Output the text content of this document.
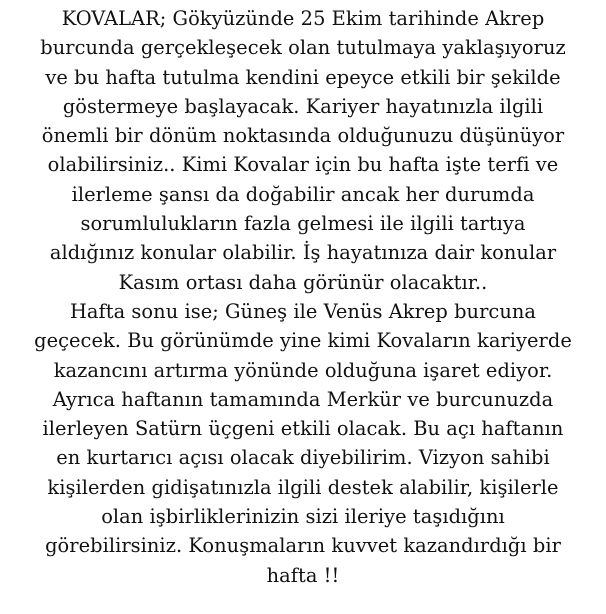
KOVALAR; Gökyüzünde 25 Ekim tarihinde Akrep
burcunda gerçekleşecek olan tutulmaya yaklaşıyoruz
ve bu hafta tutulma kendini epeyce etkili bir şekilde
göstermeye başlayacak. Kariyer hayatınızla ilgili
önemli bir dönüm noktasında olduğunuzu düşünüyor
olabilirsiniz.. Kimi Kovalar için bu hafta işte terfi ve
ilerleme şansı da doğabilir ancak her durumda
sorumlulukların fazla gelmesi ile ilgili tartıya
aldığınız konular olabilir. İş hayatınıza dair konular
Kasım ortası daha görünür olacaktır..
Hafta sonu ise; Güneş ile Venüs Akrep burcuna
geçecek. Bu görünümde yine kimi Kovaların kariyerde
kazancını artırma yönünde olduğuna işaret ediyor.
Ayrıca haftanın tamamında Merkür ve burcunuzda
ilerleyen Satürn üçgeni etkili olacak. Bu açı haftanın
en kurtarıcı açısı olacak diyebilirim. Vizyon sahibi
kişilerden gidişatınızla ilgili destek alabilir, kişilerle
olan işbirliklerinizin sizi ileriye taşıdığını
görebilirsiniz. Konuşmaların kuvvet kazandırdığı bir
hafta !!
